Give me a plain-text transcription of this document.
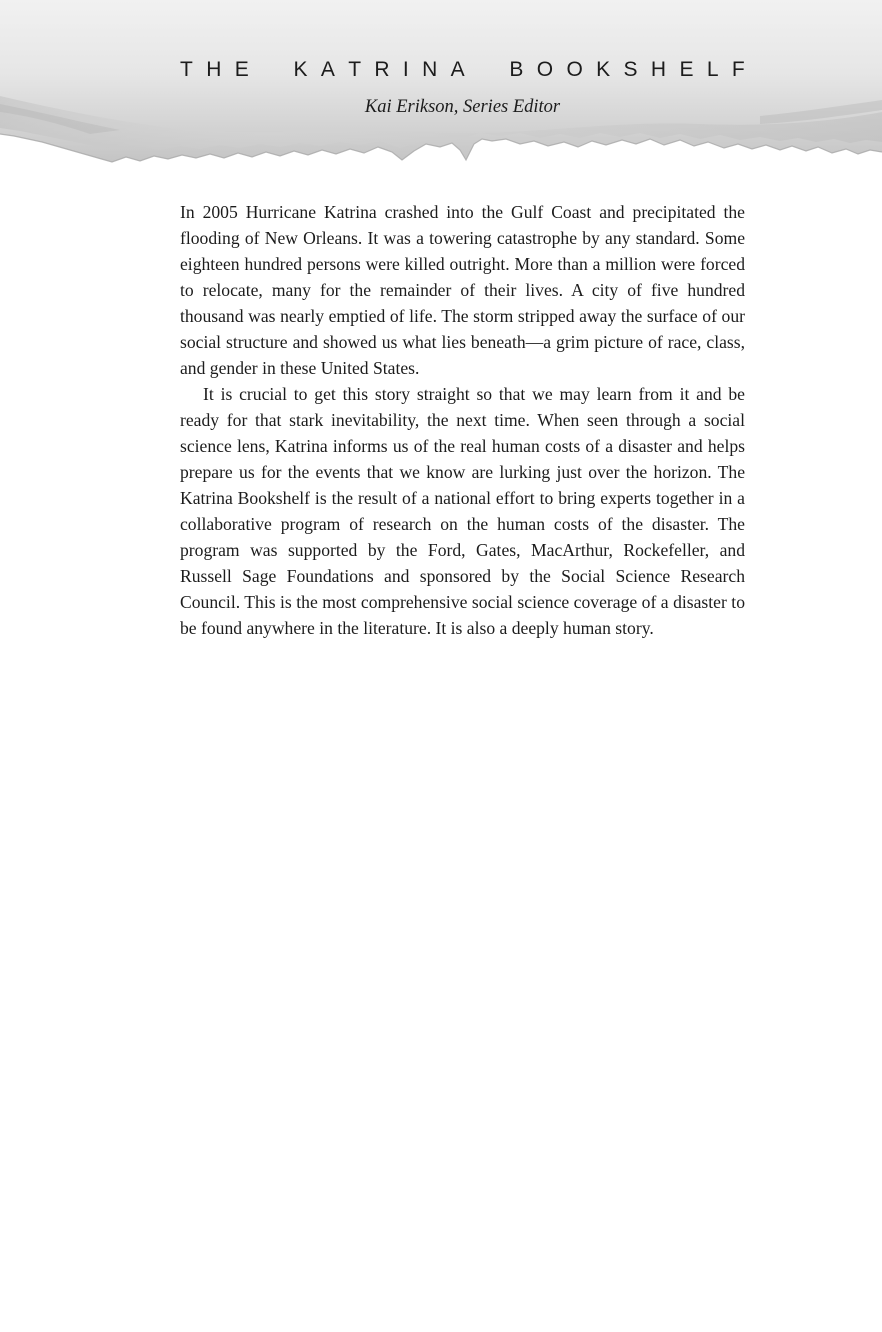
T H E K A T R I N A B O O K S H E L F

Kai Erikson, Series Editor

In 2005 Hurricane Katrina crashed into the Gulf Coast and precipitated the flooding of New Orleans. It was a towering catastrophe by any standard. Some eighteen hundred persons were killed outright. More than a million were forced to relocate, many for the remainder of their lives. A city of five hundred thousand was nearly emptied of life. The storm stripped away the surface of our social structure and showed us what lies beneath—a grim picture of race, class, and gender in these United States.

It is crucial to get this story straight so that we may learn from it and be ready for that stark inevitability, the next time. When seen through a social science lens, Katrina informs us of the real human costs of a disaster and helps prepare us for the events that we know are lurking just over the horizon. The Katrina Bookshelf is the result of a national effort to bring experts together in a collaborative program of research on the human costs of the disaster. The program was supported by the Ford, Gates, MacArthur, Rockefeller, and Russell Sage Foundations and sponsored by the Social Science Research Council. This is the most comprehensive social science coverage of a disaster to be found anywhere in the literature. It is also a deeply human story.
